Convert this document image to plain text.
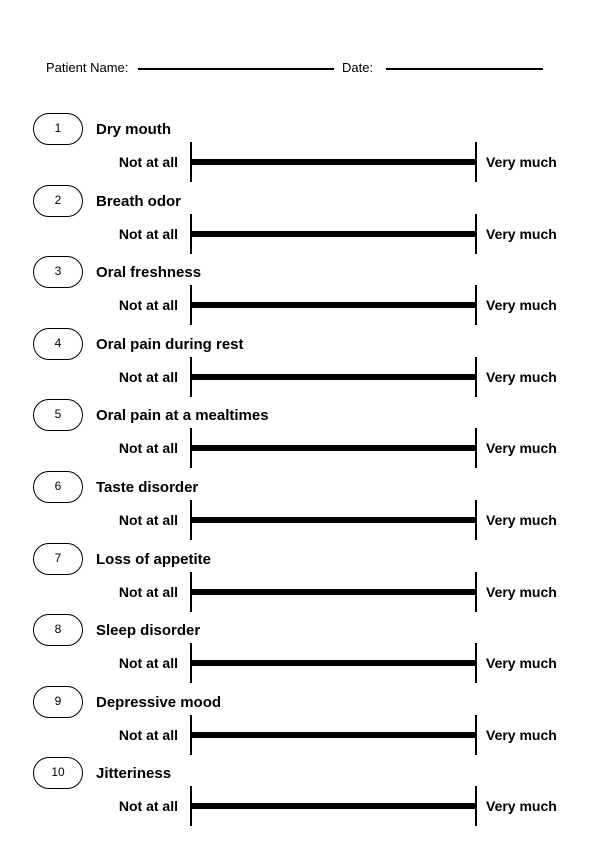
Patient Name:	Date:
1	Dry mouth
Not at all	Very much
2	Breath odor
Not at all	Very much
3	Oral freshness
Not at all	Very much
4	Oral pain during rest
Not at all	Very much
5	Oral pain at a mealtimes
Not at all	Very much
6	Taste disorder
Not at all	Very much
7	Loss of appetite
Not at all	Very much
8	Sleep disorder
Not at all	Very much
9	Depressive mood
Not at all	Very much
10	Jitteriness
Not at all	Very much
